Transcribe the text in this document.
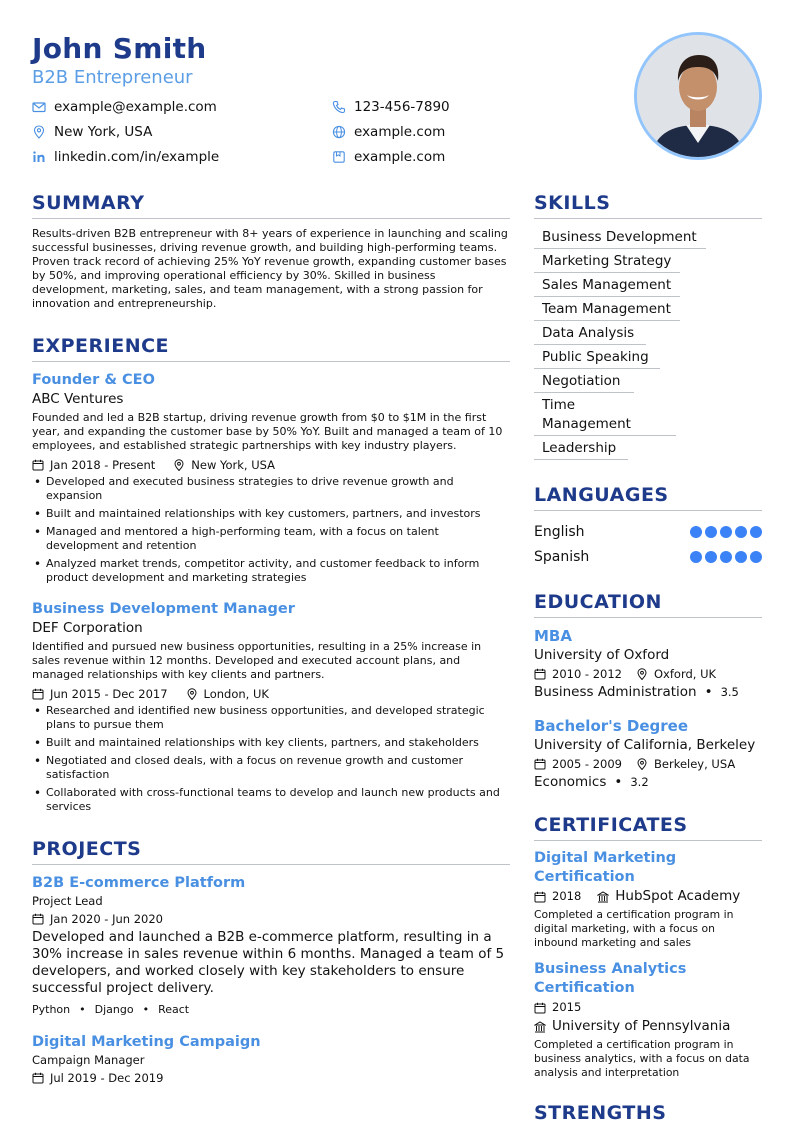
John Smith
B2B Entrepreneur
example@example.com	123-456-7890
New York, USA	example.com
linkedin.com/in/example	example.com
SUMMARY
Results-driven B2B entrepreneur with 8+ years of experience in launching and scaling successful businesses, driving revenue growth, and building high-performing teams. Proven track record of achieving 25% YoY revenue growth, expanding customer bases by 50%, and improving operational efficiency by 30%. Skilled in business development, marketing, sales, and team management, with a strong passion for innovation and entrepreneurship.
EXPERIENCE
Founder & CEO
ABC Ventures
Founded and led a B2B startup, driving revenue growth from $0 to $1M in the first year, and expanding the customer base by 50% YoY. Built and managed a team of 10 employees, and established strategic partnerships with key industry players.
Jan 2018 - Present	New York, USA
• Developed and executed business strategies to drive revenue growth and expansion
• Built and maintained relationships with key customers, partners, and investors
• Managed and mentored a high-performing team, with a focus on talent development and retention
• Analyzed market trends, competitor activity, and customer feedback to inform product development and marketing strategies
Business Development Manager
DEF Corporation
Identified and pursued new business opportunities, resulting in a 25% increase in sales revenue within 12 months. Developed and executed account plans, and managed relationships with key clients and partners.
Jun 2015 - Dec 2017	London, UK
• Researched and identified new business opportunities, and developed strategic plans to pursue them
• Built and maintained relationships with key clients, partners, and stakeholders
• Negotiated and closed deals, with a focus on revenue growth and customer satisfaction
• Collaborated with cross-functional teams to develop and launch new products and services
PROJECTS
B2B E-commerce Platform
Project Lead
Jan 2020 - Jun 2020
Developed and launched a B2B e-commerce platform, resulting in a 30% increase in sales revenue within 6 months. Managed a team of 5 developers, and worked closely with key stakeholders to ensure successful project delivery.
Python • Django • React
Digital Marketing Campaign
Campaign Manager
Jul 2019 - Dec 2019
SKILLS
Business Development
Marketing Strategy
Sales Management
Team Management
Data Analysis
Public Speaking
Negotiation
Time Management
Leadership
LANGUAGES
English
Spanish
EDUCATION
MBA
University of Oxford
2010 - 2012	Oxford, UK
Business Administration • 3.5
Bachelor's Degree
University of California, Berkeley
2005 - 2009	Berkeley, USA
Economics • 3.2
CERTIFICATES
Digital Marketing Certification
2018	HubSpot Academy
Completed a certification program in digital marketing, with a focus on inbound marketing and sales
Business Analytics Certification
2015
University of Pennsylvania
Completed a certification program in business analytics, with a focus on data analysis and interpretation
STRENGTHS
